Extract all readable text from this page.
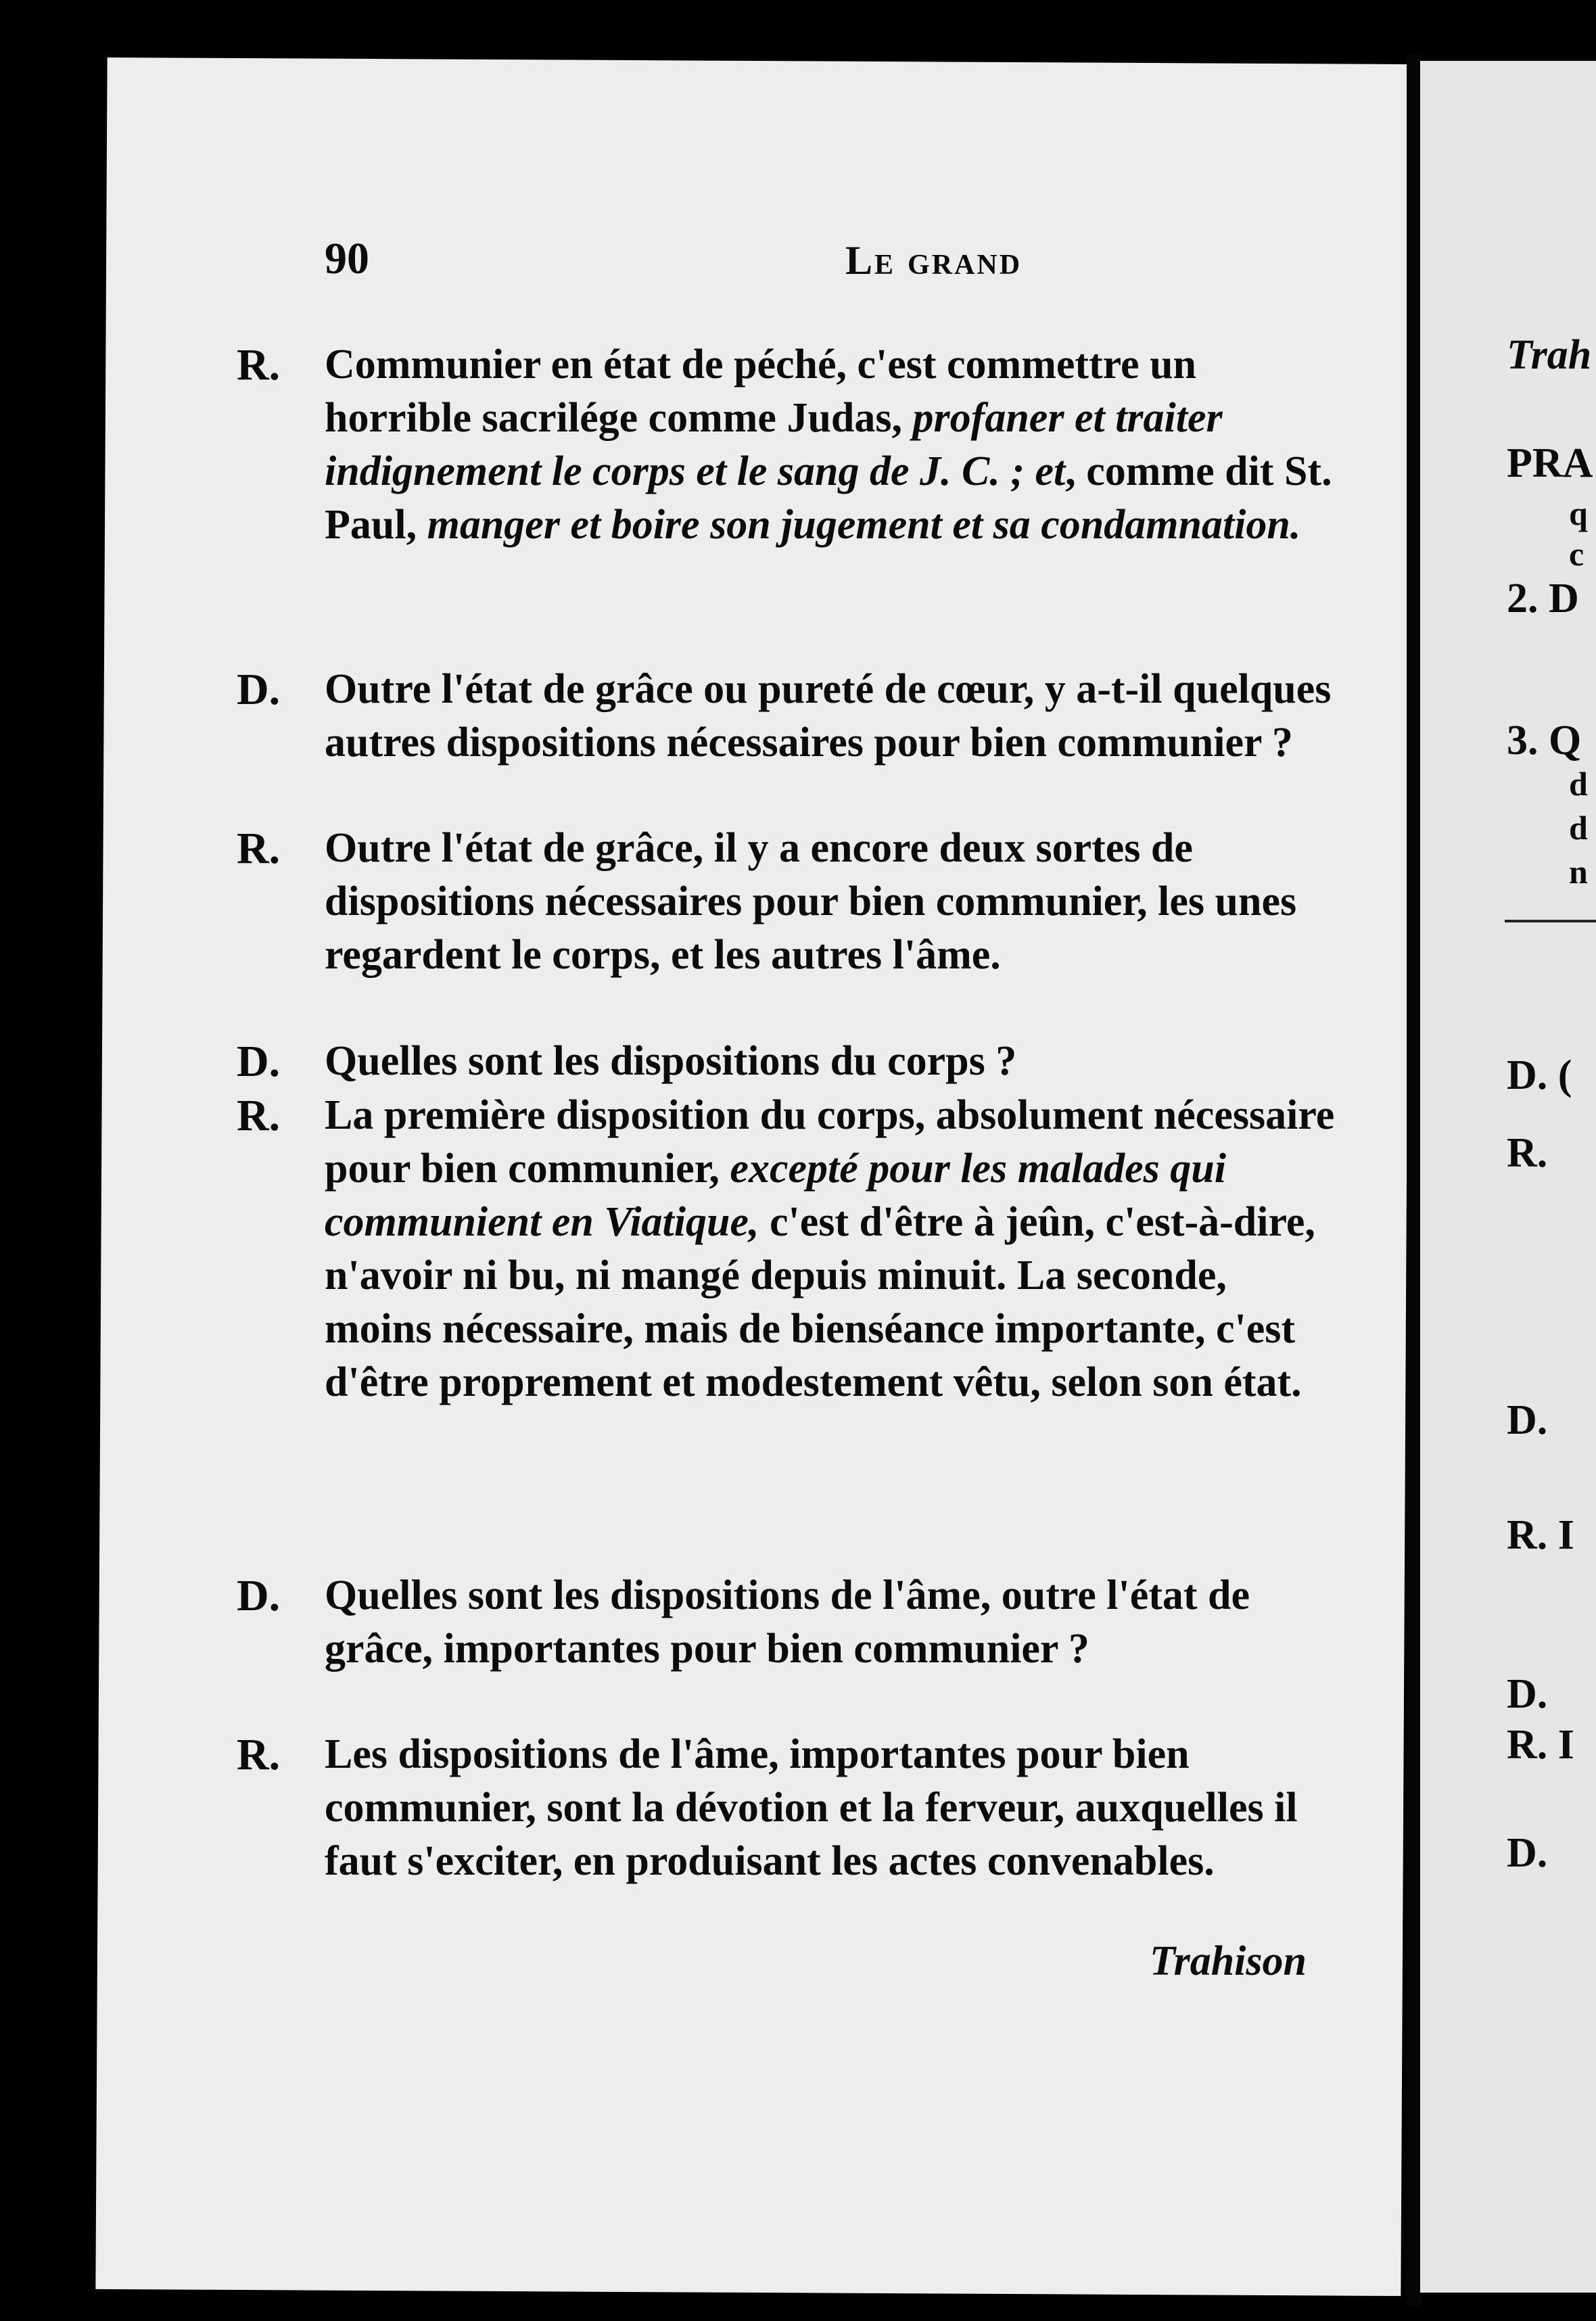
90	Le grand
R. Communier en état de péché, c'est commettre un horrible sacrilége comme Judas, profaner et traiter indignement le corps et le sang de J. C. ; et, comme dit St. Paul, manger et boire son jugement et sa condamnation.
D. Outre l'état de grâce ou pureté de cœur, y a-t-il quelques autres dispositions nécessaires pour bien communier ?
R. Outre l'état de grâce, il y a encore deux sortes de dispositions nécessaires pour bien communier, les unes regardent le corps, et les autres l'âme.
D. Quelles sont les dispositions du corps ?
R. La première disposition du corps, absolument nécessaire pour bien communier, excepté pour les malades qui communient en Viatique, c'est d'être à jeûn, c'est-à-dire, n'avoir ni bu, ni mangé depuis minuit. La seconde, moins nécessaire, mais de bienséance importante, c'est d'être proprement et modestement vêtu, selon son état.
D. Quelles sont les dispositions de l'âme, outre l'état de grâce, importantes pour bien communier ?
R. Les dispositions de l'âme, importantes pour bien communier, sont la dévotion et la ferveur, auxquelles il faut s'exciter, en produisant les actes convenables.
Trahison
Trah
PRA
q
c
2. D
3. Q
d
d
n
D. (
R.
D.
R. I
D.
R. I
D.
